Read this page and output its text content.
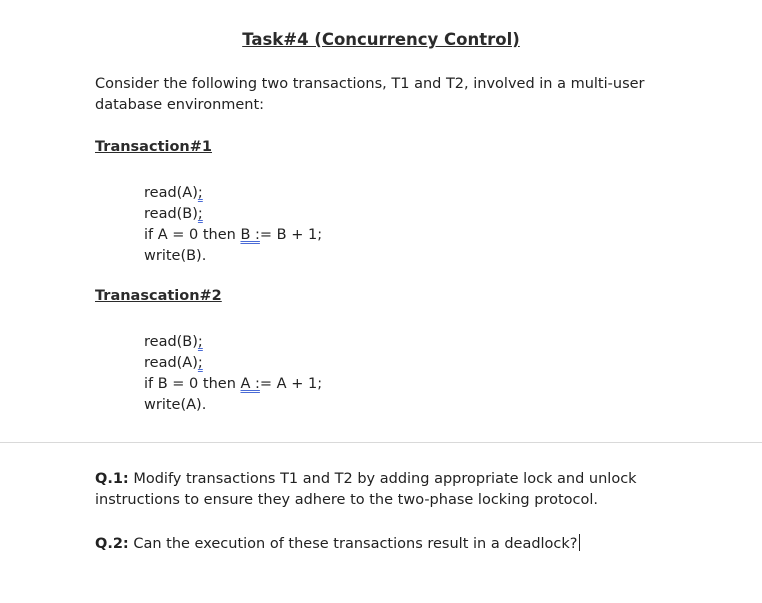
Task#4 (Concurrency Control)
Consider the following two transactions, T1 and T2, involved in a multi-user database environment:
Transaction#1
read(A);
read(B);
if A = 0 then B := B + 1;
write(B).
Tranascation#2
read(B);
read(A);
if B = 0 then A := A + 1;
write(A).
Q.1: Modify transactions T1 and T2 by adding appropriate lock and unlock instructions to ensure they adhere to the two-phase locking protocol.
Q.2: Can the execution of these transactions result in a deadlock?
